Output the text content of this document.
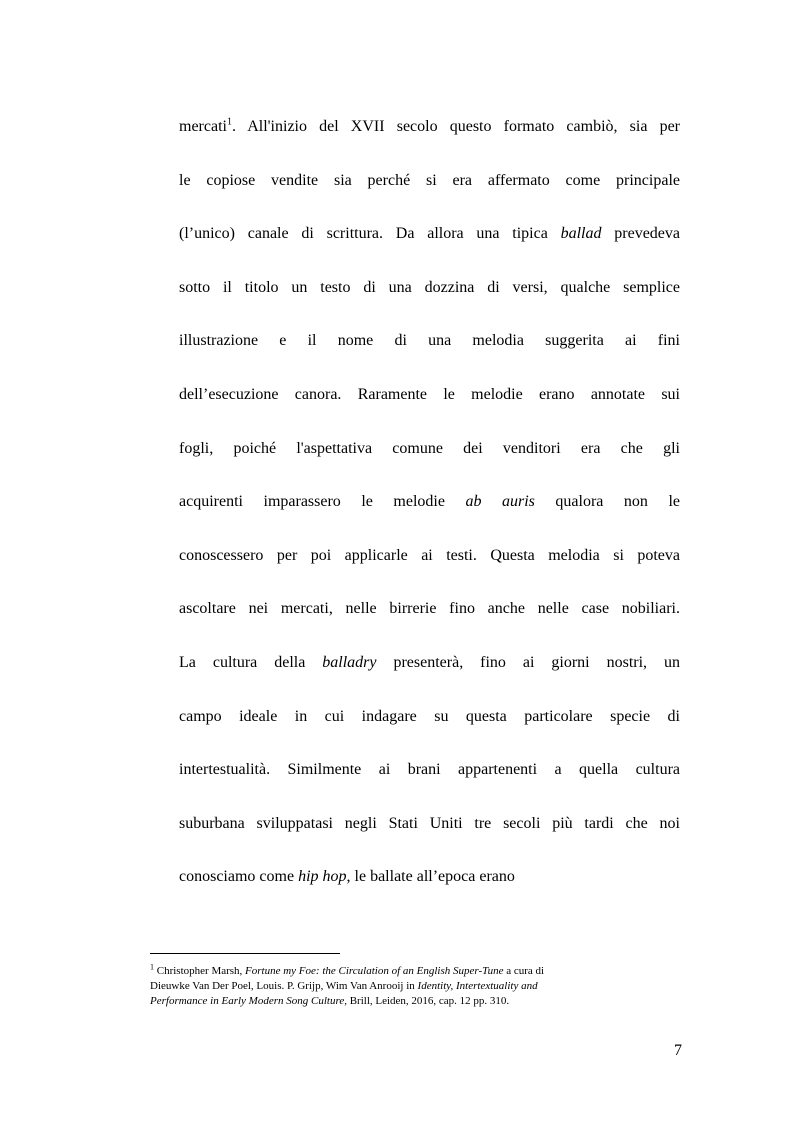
mercati$^1$. All'inizio del XVII secolo questo formato cambiò, sia per
le copiose vendite sia perché si era affermato come principale
(l’unico) canale di scrittura. Da allora una tipica ballad prevedeva
sotto il titolo un testo di una dozzina di versi, qualche semplice
illustrazione e il nome di una melodia suggerita ai fini
dell’esecuzione canora. Raramente le melodie erano annotate sui
fogli, poiché l'aspettativa comune dei venditori era che gli
acquirenti imparassero le melodie ab auris qualora non le
conoscessero per poi applicarle ai testi. Questa melodia si poteva
ascoltare nei mercati, nelle birrerie fino anche nelle case nobiliari.
La cultura della balladry presenterà, fino ai giorni nostri, un
campo ideale in cui indagare su questa particolare specie di
intertestualità. Similmente ai brani appartenenti a quella cultura
suburbana sviluppatasi negli Stati Uniti tre secoli più tardi che noi
conosciamo come hip hop, le ballate all’epoca erano
$^1$ Christopher Marsh, Fortune my Foe: the Circulation of an English Super-Tune a cura di
Dieuwke Van Der Poel, Louis. P. Grijp, Wim Van Anrooij in Identity, Intertextuality and
Performance in Early Modern Song Culture, Brill, Leiden, 2016, cap. 12 pp. 310.
7
